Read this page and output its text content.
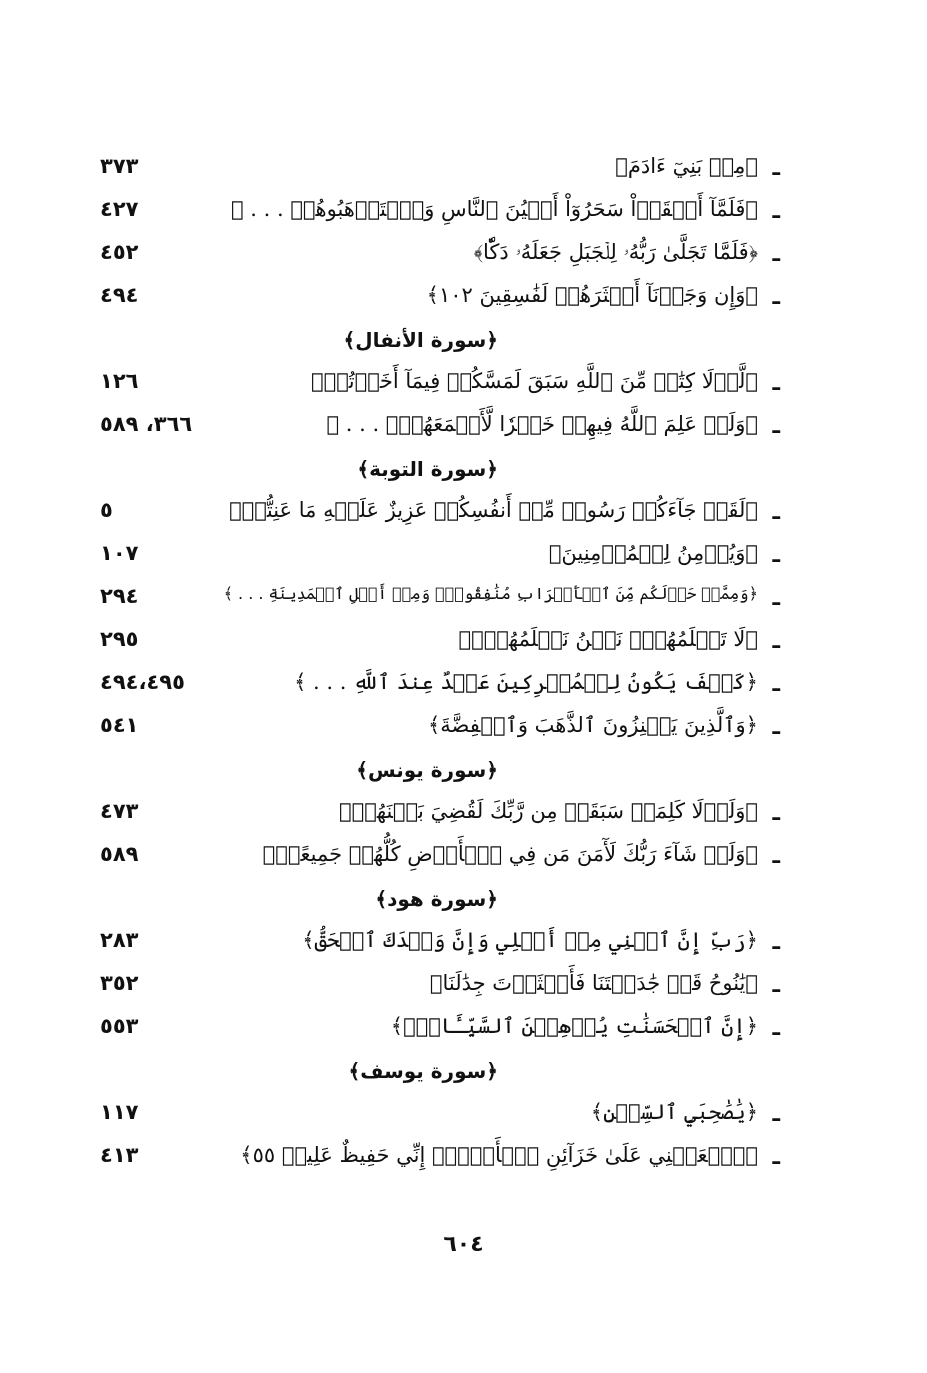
ـ
﴿مِنۢ بَنِيٓ ءَادَمَ﴾
٣٧٣
ـ
﴿فَلَمَّآ أَلۡقَوۡاْ سَحَرُوٓاْ أَعۡيُنَ ٱلنَّاسِ وَٱسۡتَرۡهَبُوهُمۡ . . . ﴾
٤٢٧
ـ
﴿فَلَمَّا تَجَلَّىٰ رَبُّهُۥ لِلۡجَبَلِ جَعَلَهُۥ دَكّٗا﴾
٤٥٢
ـ
﴿وَإِن وَجَدۡنَآ أَكۡثَرَهُمۡ لَفَٰسِقِينَ ١٠٢﴾
٤٩٤
﴿سورة الأنفال﴾
ـ
﴿لَّوۡلَا كِتَٰبٞ مِّنَ ٱللَّهِ سَبَقَ لَمَسَّكُمۡ فِيمَآ أَخَذۡتُمۡ﴾
١٢٦
ـ
﴿وَلَوۡ عَلِمَ ٱللَّهُ فِيهِمۡ خَيۡرٗا لَّأَسۡمَعَهُمۡۖ . . . ﴾
٣٦٦، ٥٨٩
﴿سورة التوبة﴾
ـ
﴿لَقَدۡ جَآءَكُمۡ رَسُولٞ مِّنۡ أَنفُسِكُمۡ عَزِيزٌ عَلَيۡهِ مَا عَنِتُّمۡ﴾
٥
ـ
﴿وَيُؤۡمِنُ لِلۡمُؤۡمِنِينَ﴾
١٠٧
ـ
﴿وَمِمَّنۡ حَوۡلَكُم مِّنَ ٱلۡأَعۡرَابِ مُنَٰفِقُونَۖ وَمِنۡ أَهۡلِ ٱلۡمَدِينَةِ . . . ﴾
٢٩٤
ـ
﴿لَا تَعۡلَمُهُمۡۖ نَحۡنُ نَعۡلَمُهُمۡۚ﴾
٢٩٥
ـ
﴿كَيۡفَ يَكُونُ لِلۡمُشۡرِكِينَ عَهۡدٌ عِندَ ٱللَّهِ . . . ﴾
٤٩٤،٤٩٥
ـ
﴿وَٱلَّذِينَ يَكۡنِزُونَ ٱلذَّهَبَ وَٱلۡفِضَّةَ﴾
٥٤١
﴿سورة يونس﴾
ـ
﴿وَلَوۡلَا كَلِمَةٞ سَبَقَتۡ مِن رَّبِّكَ لَقُضِيَ بَيۡنَهُمۡ﴾
٤٧٣
ـ
﴿وَلَوۡ شَآءَ رَبُّكَ لَأٓمَنَ مَن فِي ٱلۡأَرۡضِ كُلُّهُمۡ جَمِيعًاۚ﴾
٥٨٩
﴿سورة هود﴾
ـ
﴿رَبِّ إِنَّ ٱبۡنِي مِنۡ أَهۡلِي وَإِنَّ وَعۡدَكَ ٱلۡحَقُّ﴾
٢٨٣
ـ
﴿يَٰنُوحُ قَدۡ جَٰدَلۡتَنَا فَأَكۡثَرۡتَ جِدَٰلَنَا﴾
٣٥٢
ـ
﴿إِنَّ ٱلۡحَسَنَٰتِ يُذۡهِبۡنَ ٱلسَّيِّـَٔاتِۚ﴾
٥٥٣
﴿سورة يوسف﴾
ـ
﴿يَٰصَٰحِبَيِ ٱلسِّجۡنِ﴾
١١٧
ـ
﴿ٱجۡعَلۡنِي عَلَىٰ خَزَآئِنِ ٱلۡأَرۡضِۖ إِنِّي حَفِيظٌ عَلِيمٞ ٥٥﴾
٤١٣
٦٠٤
